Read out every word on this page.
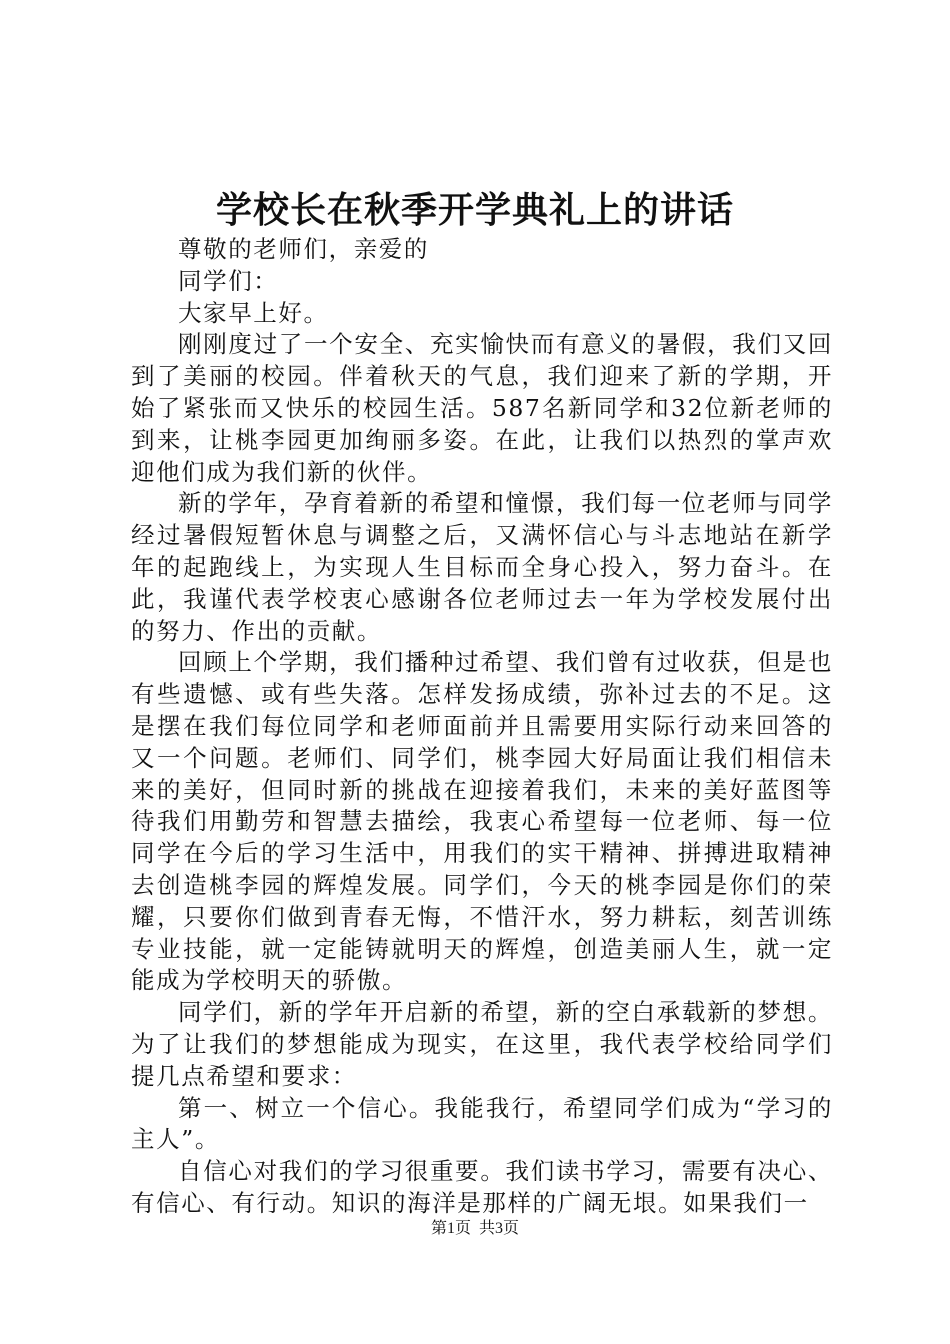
学校长在秋季开学典礼上的讲话

尊敬的老师们，亲爱的

同学们：

大家早上好。

刚刚度过了一个安全、充实愉快而有意义的暑假，我们又回到了美丽的校园。伴着秋天的气息，我们迎来了新的学期，开始了紧张而又快乐的校园生活。587名新同学和32位新老师的到来，让桃李园更加绚丽多姿。在此，让我们以热烈的掌声欢迎他们成为我们新的伙伴。

新的学年，孕育着新的希望和憧憬，我们每一位老师与同学经过暑假短暂休息与调整之后，又满怀信心与斗志地站在新学年的起跑线上，为实现人生目标而全身心投入，努力奋斗。在此，我谨代表学校衷心感谢各位老师过去一年为学校发展付出的努力、作出的贡献。

回顾上个学期，我们播种过希望、我们曾有过收获，但是也有些遗憾、或有些失落。怎样发扬成绩，弥补过去的不足。这是摆在我们每位同学和老师面前并且需要用实际行动来回答的又一个问题。老师们、同学们，桃李园大好局面让我们相信未来的美好，但同时新的挑战在迎接着我们，未来的美好蓝图等待我们用勤劳和智慧去描绘，我衷心希望每一位老师、每一位同学在今后的学习生活中，用我们的实干精神、拼搏进取精神去创造桃李园的辉煌发展。同学们，今天的桃李园是你们的荣耀，只要你们做到青春无悔，不惜汗水，努力耕耘，刻苦训练专业技能，就一定能铸就明天的辉煌，创造美丽人生，就一定能成为学校明天的骄傲。

同学们，新的学年开启新的希望，新的空白承载新的梦想。为了让我们的梦想能成为现实，在这里，我代表学校给同学们提几点希望和要求：

第一、树立一个信心。我能我行，希望同学们成为“学习的主人”。

自信心对我们的学习很重要。我们读书学习，需要有决心、有信心、有行动。知识的海洋是那样的广阔无垠。如果我们一

第1页 共3页
